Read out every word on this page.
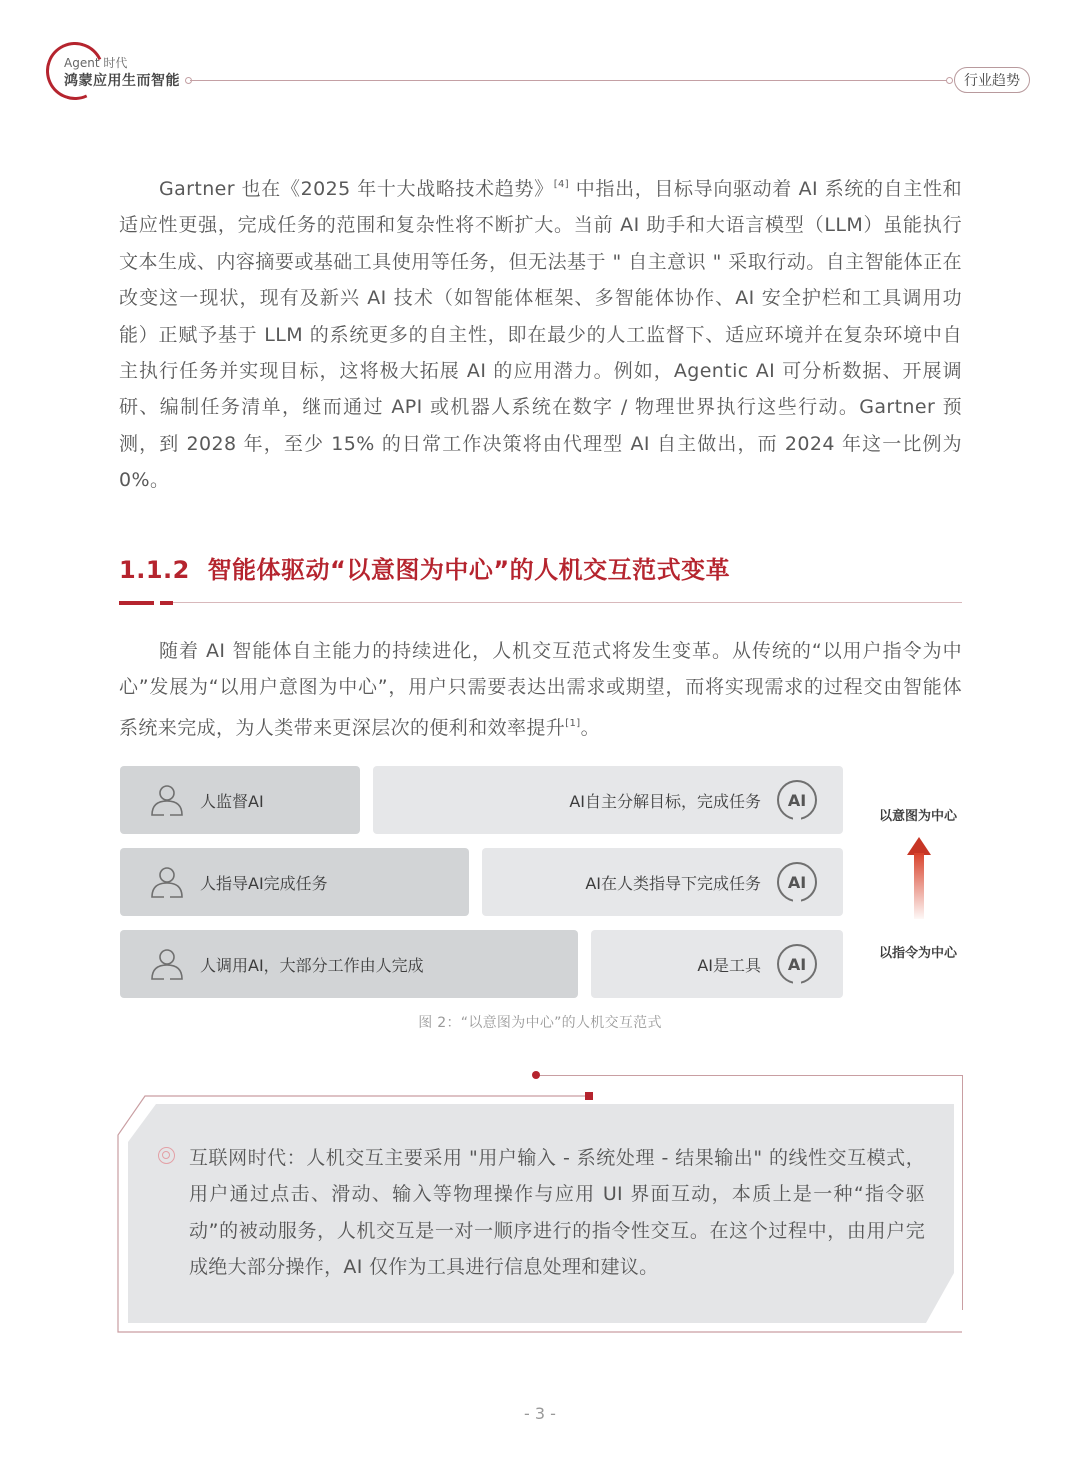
Agent 时代
鸿蒙应用生而智能	行业趋势

Gartner 也在《2025 年十大战略技术趋势》[4] 中指出，目标导向驱动着 AI 系统的自主性和适应性更强，完成任务的范围和复杂性将不断扩大。当前 AI 助手和大语言模型（LLM）虽能执行文本生成、内容摘要或基础工具使用等任务，但无法基于 " 自主意识 " 采取行动。自主智能体正在改变这一现状，现有及新兴 AI 技术（如智能体框架、多智能体协作、AI 安全护栏和工具调用功能）正赋予基于 LLM 的系统更多的自主性，即在最少的人工监督下、适应环境并在复杂环境中自主执行任务并实现目标，这将极大拓展 AI 的应用潜力。例如，Agentic AI 可分析数据、开展调研、编制任务清单，继而通过 API 或机器人系统在数字 / 物理世界执行这些行动。Gartner 预测，到 2028 年，至少 15% 的日常工作决策将由代理型 AI 自主做出，而 2024 年这一比例为 0%。

1.1.2 智能体驱动“以意图为中心”的人机交互范式变革

随着 AI 智能体自主能力的持续进化，人机交互范式将发生变革。从传统的“以用户指令为中心”发展为“以用户意图为中心”，用户只需要表达出需求或期望，而将实现需求的过程交由智能体系统来完成，为人类带来更深层次的便利和效率提升[1]。

人监督AI	AI自主分解目标，完成任务	AI
人指导AI完成任务	AI在人类指导下完成任务	AI
人调用AI，大部分工作由人完成	AI是工具	AI
以意图为中心
以指令为中心
图 2：“以意图为中心”的人机交互范式

互联网时代：人机交互主要采用 "用户输入 - 系统处理 - 结果输出" 的线性交互模式，用户通过点击、滑动、输入等物理操作与应用 UI 界面互动，本质上是一种“指令驱动”的被动服务，人机交互是一对一顺序进行的指令性交互。在这个过程中，由用户完成绝大部分操作，AI 仅作为工具进行信息处理和建议。

- 3 -
